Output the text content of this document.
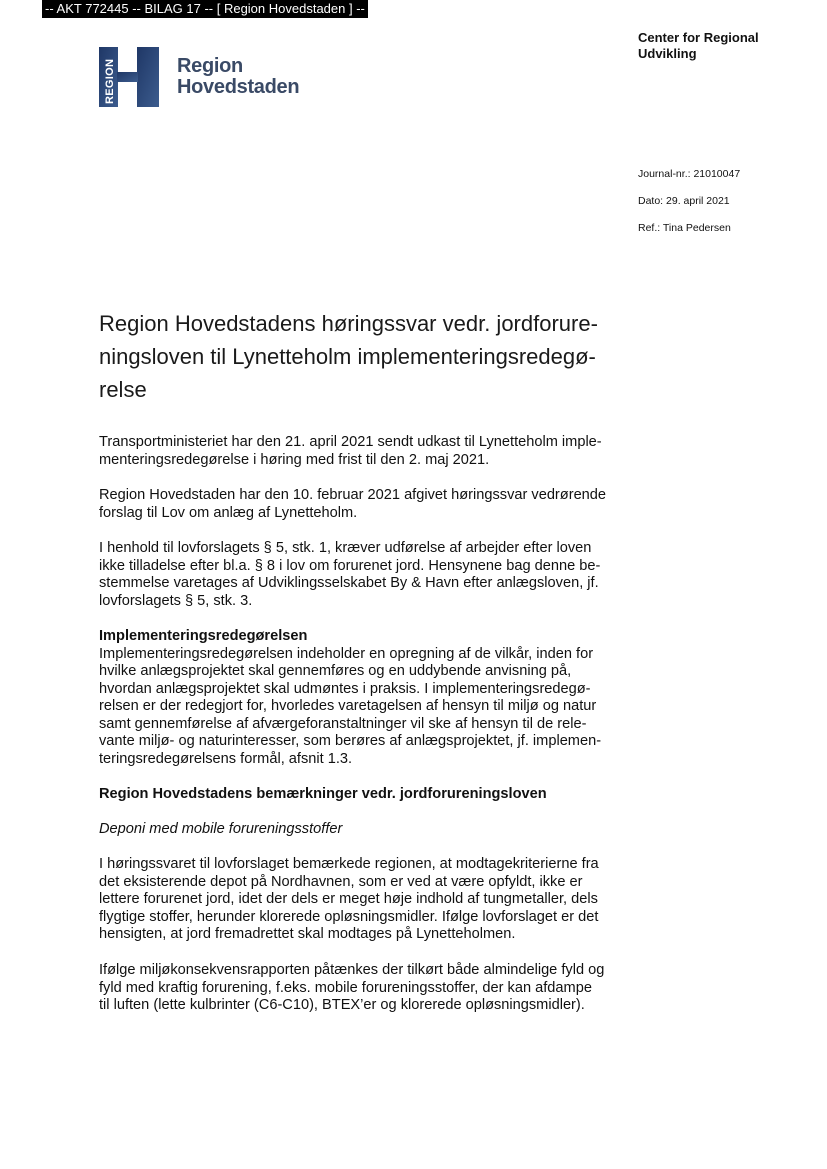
-- AKT 772445 -- BILAG 17 -- [ Region Hovedstaden ] --
REGION	Region
Hovedstaden
Center for Regional
Udvikling
Journal-nr.: 21010047
Dato: 29. april 2021
Ref.: Tina Pedersen
Region Hovedstadens høringssvar vedr. jordforure-
ningsloven til Lynetteholm implementeringsredegø-
relse
Transportministeriet har den 21. april 2021 sendt udkast til Lynetteholm imple-
menteringsredegørelse i høring med frist til den 2. maj 2021.
Region Hovedstaden har den 10. februar 2021 afgivet høringssvar vedrørende
forslag til Lov om anlæg af Lynetteholm.
I henhold til lovforslagets § 5, stk. 1, kræver udførelse af arbejder efter loven
ikke tilladelse efter bl.a. § 8 i lov om forurenet jord. Hensynene bag denne be-
stemmelse varetages af Udviklingsselskabet By & Havn efter anlægsloven, jf.
lovforslagets § 5, stk. 3.
Implementeringsredegørelsen
Implementeringsredegørelsen indeholder en opregning af de vilkår, inden for
hvilke anlægsprojektet skal gennemføres og en uddybende anvisning på,
hvordan anlægsprojektet skal udmøntes i praksis. I implementeringsredegø-
relsen er der redegjort for, hvorledes varetagelsen af hensyn til miljø og natur
samt gennemførelse af afværgeforanstaltninger vil ske af hensyn til de rele-
vante miljø- og naturinteresser, som berøres af anlægsprojektet, jf. implemen-
teringsredegørelsens formål, afsnit 1.3.
Region Hovedstadens bemærkninger vedr. jordforureningsloven
Deponi med mobile forureningsstoffer
I høringssvaret til lovforslaget bemærkede regionen, at modtagekriterierne fra
det eksisterende depot på Nordhavnen, som er ved at være opfyldt, ikke er
lettere forurenet jord, idet der dels er meget høje indhold af tungmetaller, dels
flygtige stoffer, herunder klorerede opløsningsmidler. Ifølge lovforslaget er det
hensigten, at jord fremadrettet skal modtages på Lynetteholmen.
Ifølge miljøkonsekvensrapporten påtænkes der tilkørt både almindelige fyld og
fyld med kraftig forurening, f.eks. mobile forureningsstoffer, der kan afdampe
til luften (lette kulbrinter (C6-C10), BTEX’er og klorerede opløsningsmidler).
